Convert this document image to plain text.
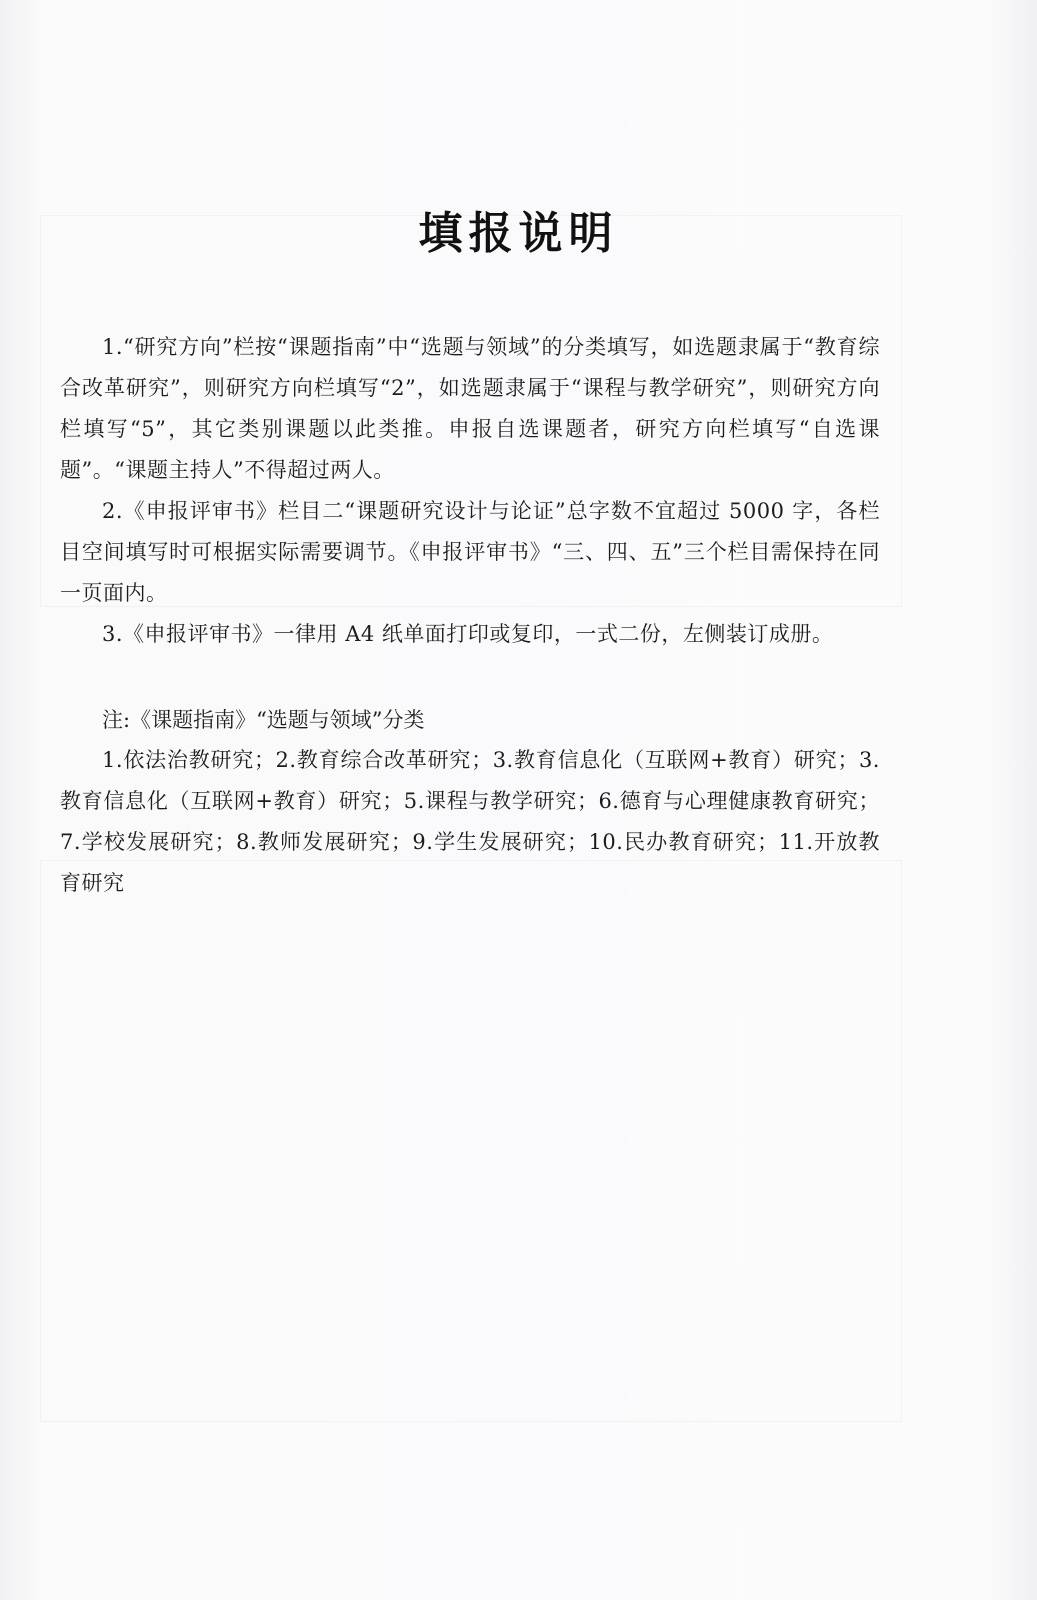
填报说明

1.“研究方向”栏按“课题指南”中“选题与领域”的分类填写，如选题隶属于“教育综合改革研究”，则研究方向栏填写“2”，如选题隶属于“课程与教学研究”，则研究方向栏填写“5”，其它类别课题以此类推。申报自选课题者，研究方向栏填写“自选课题”。“课题主持人”不得超过两人。

2.《申报评审书》栏目二“课题研究设计与论证”总字数不宜超过 5000 字，各栏目空间填写时可根据实际需要调节。《申报评审书》“三、四、五”三个栏目需保持在同一页面内。

3.《申报评审书》一律用 A4 纸单面打印或复印，一式二份，左侧装订成册。

注:《课题指南》“选题与领域”分类

1.依法治教研究；2.教育综合改革研究；3.教育信息化（互联网+教育）研究；3.教育信息化（互联网+教育）研究；5.课程与教学研究；6.德育与心理健康教育研究；7.学校发展研究；8.教师发展研究；9.学生发展研究；10.民办教育研究；11.开放教育研究
